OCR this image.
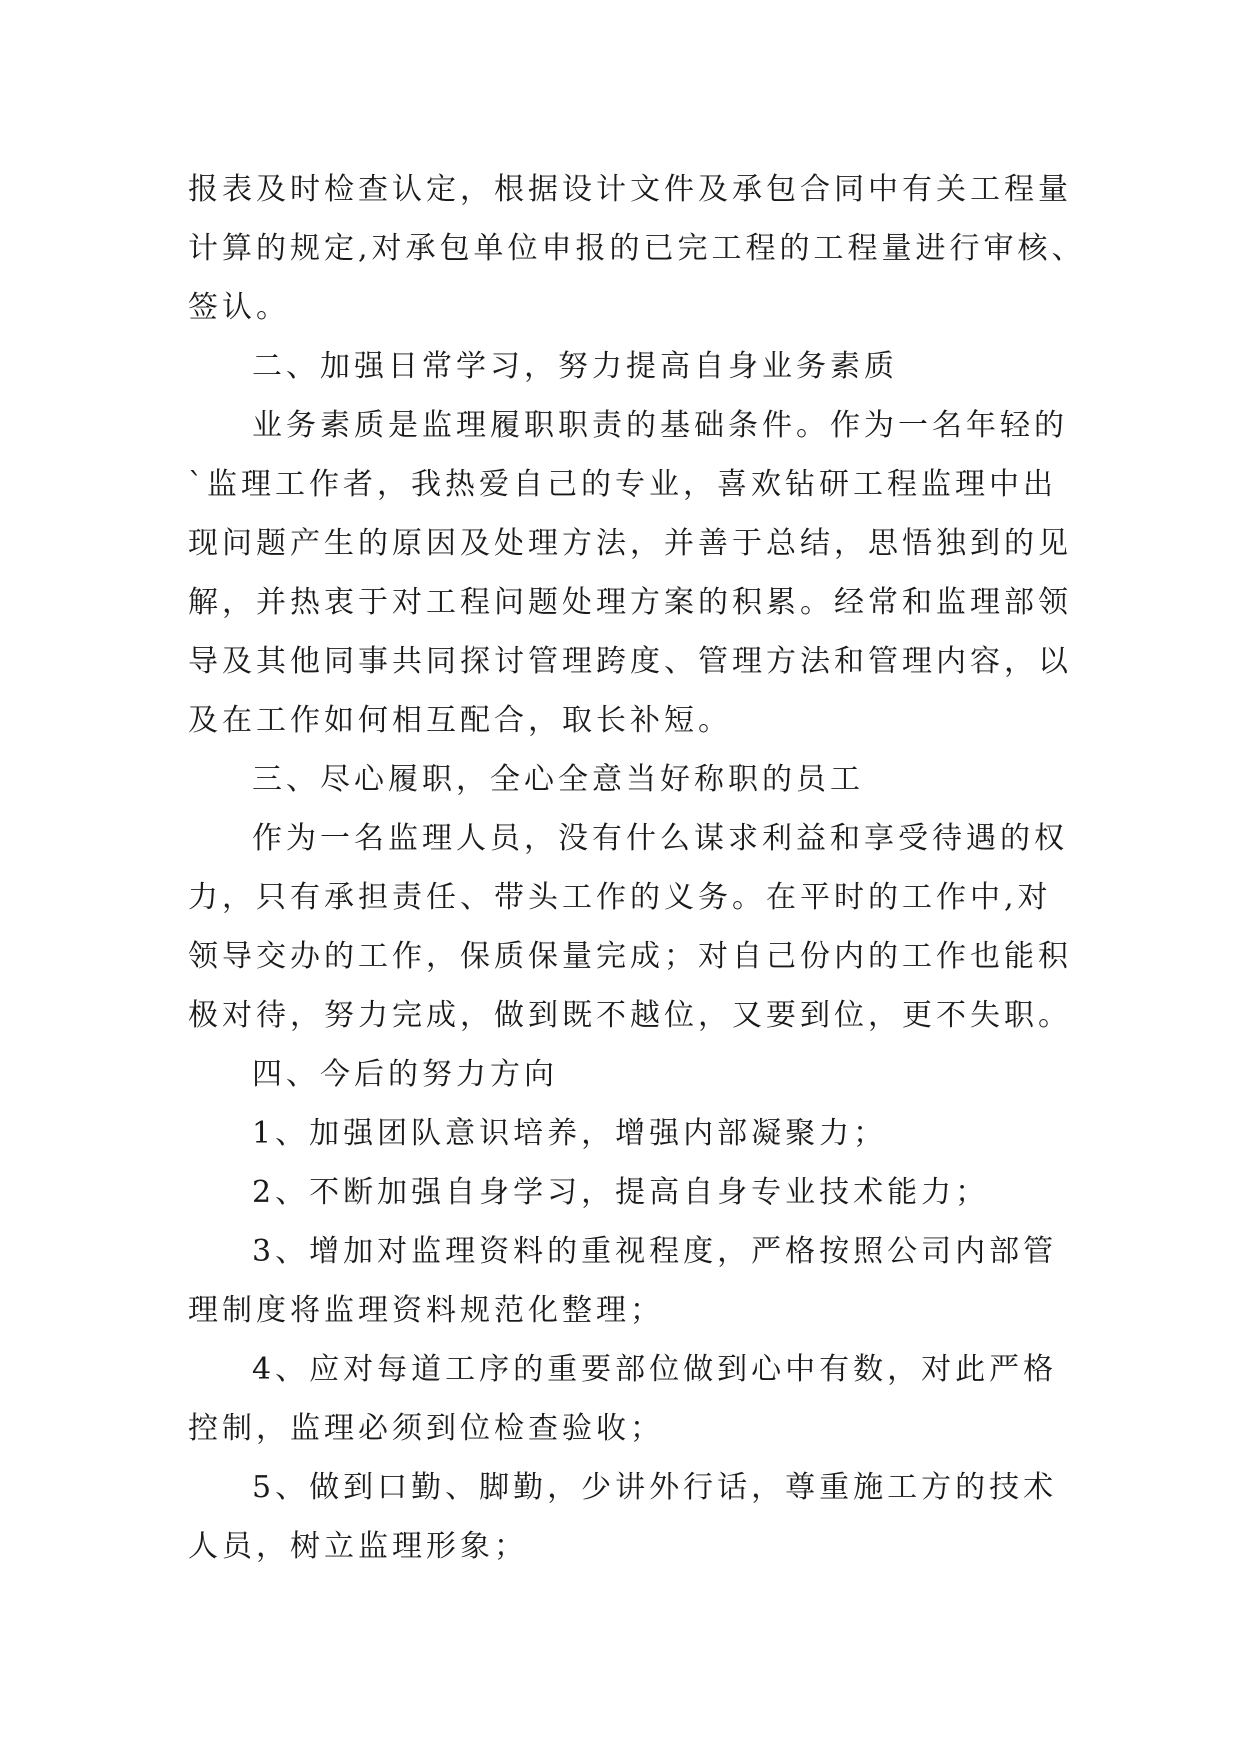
报表及时检查认定，根据设计文件及承包合同中有关工程量
计算的规定,对承包单位申报的已完工程的工程量进行审核、
签认。
二、加强日常学习，努力提高自身业务素质
业务素质是监理履职职责的基础条件。作为一名年轻的
`监理工作者，我热爱自己的专业，喜欢钻研工程监理中出
现问题产生的原因及处理方法，并善于总结，思悟独到的见
解，并热衷于对工程问题处理方案的积累。经常和监理部领
导及其他同事共同探讨管理跨度、管理方法和管理内容，以
及在工作如何相互配合，取长补短。
三、尽心履职，全心全意当好称职的员工
作为一名监理人员，没有什么谋求利益和享受待遇的权
力，只有承担责任、带头工作的义务。在平时的工作中,对
领导交办的工作，保质保量完成；对自己份内的工作也能积
极对待，努力完成，做到既不越位，又要到位，更不失职。
四、今后的努力方向
1、加强团队意识培养，增强内部凝聚力；
2、不断加强自身学习，提高自身专业技术能力；
3、增加对监理资料的重视程度，严格按照公司内部管
理制度将监理资料规范化整理；
4、应对每道工序的重要部位做到心中有数，对此严格
控制，监理必须到位检查验收；
5、做到口勤、脚勤，少讲外行话，尊重施工方的技术
人员，树立监理形象；
